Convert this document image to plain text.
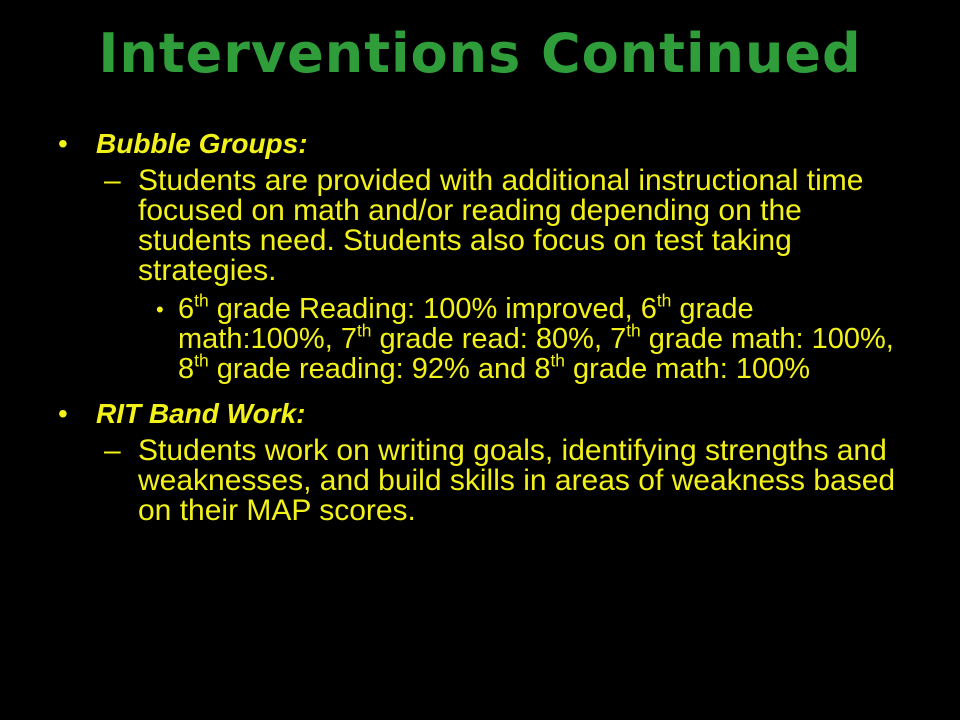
Interventions Continued
• Bubble Groups:
– Students are provided with additional instructional time focused on math and/or reading depending on the students need. Students also focus on test taking strategies.
• 6th grade Reading: 100% improved, 6th grade math:100%, 7th grade read: 80%, 7th grade math: 100%, 8th grade reading: 92% and 8th grade math: 100%
• RIT Band Work:
– Students work on writing goals, identifying strengths and weaknesses, and build skills in areas of weakness based on their MAP scores.
